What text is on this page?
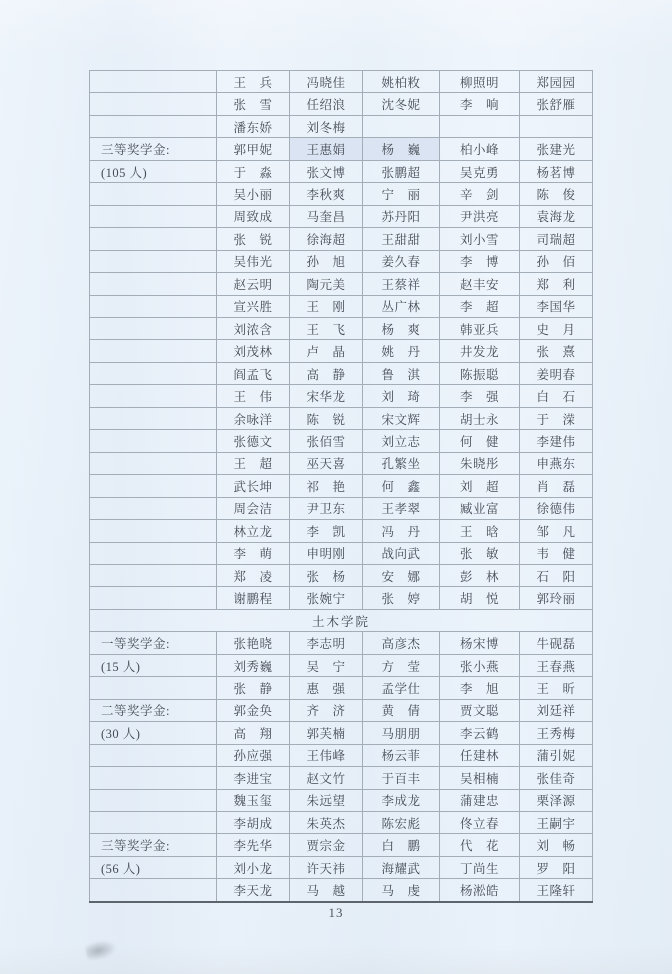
	王　兵	冯晓佳	姚柏敉	柳照明	郑园园
	张　雪	任绍浪	沈冬妮	李　响	张舒雁
	潘东娇	刘冬梅			
三等奖学金:	郭甲妮	王惠娟	杨　巍	柏小峰	张建光
(105 人)	于　淼	张文博	张鹏超	吴克勇	杨茗博
	吴小丽	李秋爽	宁　丽	辛　剑	陈　俊
	周致成	马奎昌	苏丹阳	尹洪亮	袁海龙
	张　锐	徐海超	王甜甜	刘小雪	司瑞超
	吴伟光	孙　旭	姜久春	李　博	孙　佰
	赵云明	陶元美	王蔡祥	赵丰安	郑　利
	宣兴胜	王　刚	丛广林	李　超	李国华
	刘浓含	王　飞	杨　爽	韩亚兵	史　月
	刘茂林	卢　晶	姚　丹	井发龙	张　熹
	阎孟飞	高　静	鲁　淇	陈振聪	姜明春
	王　伟	宋华龙	刘　琦	李　强	白　石
	余咏洋	陈　锐	宋文辉	胡士永	于　溁
	张德文	张佰雪	刘立志	何　健	李建伟
	王　超	巫天喜	孔繁坐	朱晓彤	申燕东
	武长坤	祁　艳	何　鑫	刘　超	肖　磊
	周会洁	尹卫东	王孝翠	臧业富	徐德伟
	林立龙	李　凯	冯　丹	王　晗	邹　凡
	李　萌	申明刚	战向武	张　敏	韦　健
	郑　凌	张　杨	安　娜	彭　林	石　阳
	谢鹏程	张婉宁	张　婷	胡　悦	郭玲丽
土木学院					
一等奖学金:	张艳晓	李志明	高彦杰	杨宋博	牛砚磊
(15 人)	刘秀巍	吴　宁	方　莹	张小燕	王春燕
	张　静	惠　强	孟学仕	李　旭	王　昕
二等奖学金:	郭金奂	齐　济	黄　倩	贾文聪	刘廷祥
(30 人)	高　翔	郭芙楠	马朋朋	李云鹤	王秀梅
	孙应强	王伟峰	杨云菲	任建林	蒲引妮
	李进宝	赵文竹	于百丰	吴相楠	张佳奇
	魏玉玺	朱远望	李成龙	蒲建忠	栗泽源
	李胡成	朱英杰	陈宏彪	佟立春	王嗣宇
三等奖学金:	李先华	贾宗金	白　鹏	代　花	刘　畅
(56 人)	刘小龙	许天祎	海耀武	丁尚生	罗　阳
	李天龙	马　越	马　虔	杨淞皓	王隆轩
13
